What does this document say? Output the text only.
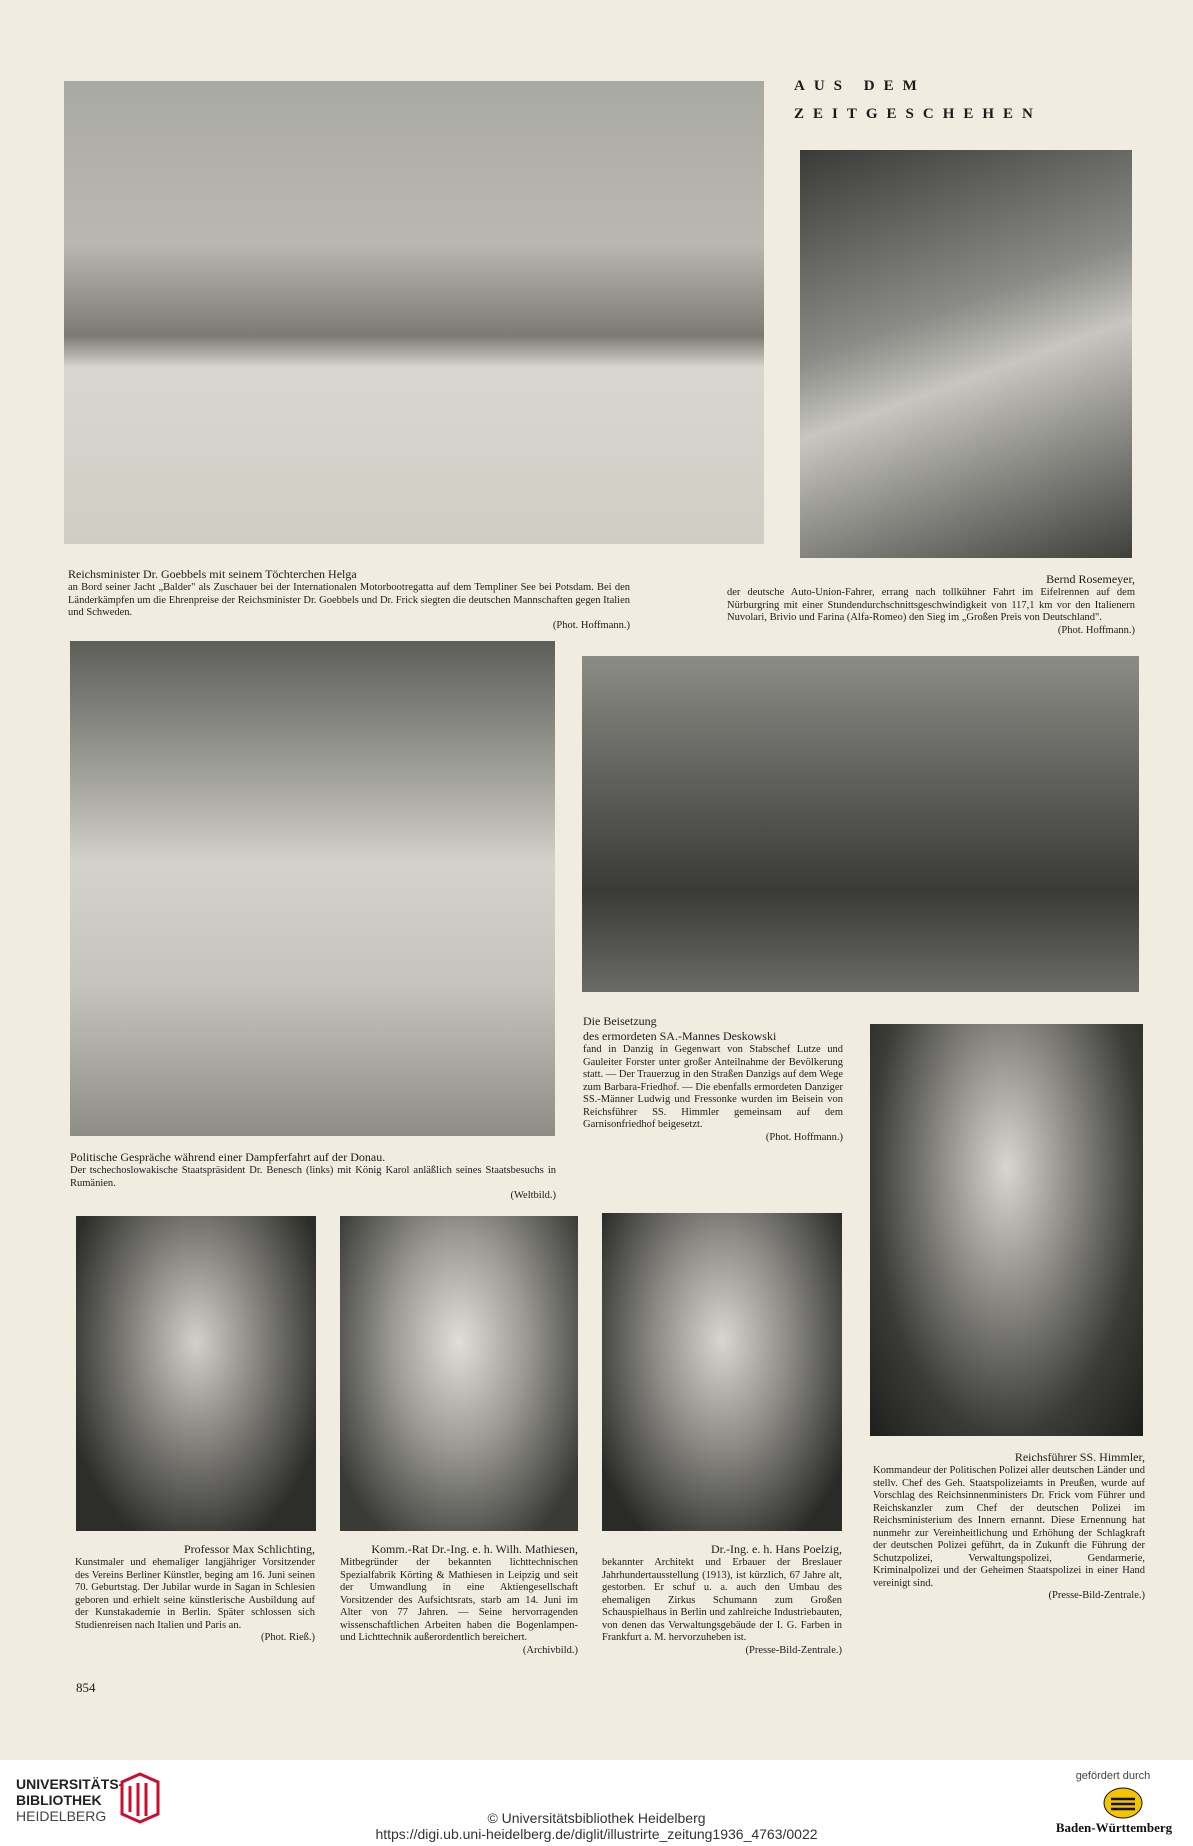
AUS DEM
ZEITGESCHEHEN
Reichsminister Dr. Goebbels mit seinem Töchterchen Helga
an Bord seiner Jacht „Balder" als Zuschauer bei der Internationalen Motorbootregatta auf dem Templiner See bei Potsdam. Bei den Länderkämpfen um die Ehrenpreise der Reichsminister Dr. Goebbels und Dr. Frick siegten die deutschen Mannschaften gegen Italien und Schweden.
(Phot. Hoffmann.)
Bernd Rosemeyer,
der deutsche Auto-Union-Fahrer, errang nach tollkühner Fahrt im Eifelrennen auf dem Nürburgring mit einer Stundendurchschnittsgeschwindigkeit von 117,1 km vor den Italienern Nuvolari, Brivio und Farina (Alfa-Romeo) den Sieg im „Großen Preis von Deutschland".
(Phot. Hoffmann.)
Politische Gespräche während einer Dampferfahrt auf der Donau.
Der tschechoslowakische Staatspräsident Dr. Benesch (links) mit König Karol anläßlich seines Staatsbesuchs in Rumänien.
(Weltbild.)
Die Beisetzung
des ermordeten SA.-Mannes Deskowski
fand in Danzig in Gegenwart von Stabschef Lutze und Gauleiter Forster unter großer Anteilnahme der Bevölkerung statt. — Der Trauerzug in den Straßen Danzigs auf dem Wege zum Barbara-Friedhof. — Die ebenfalls ermordeten Danziger SS.-Männer Ludwig und Fressonke wurden im Beisein von Reichsführer SS. Himmler gemeinsam auf dem Garnisonfriedhof beigesetzt.
(Phot. Hoffmann.)
Reichsführer SS. Himmler,
Kommandeur der Politischen Polizei aller deutschen Länder und stellv. Chef des Geh. Staatspolizeiamts in Preußen, wurde auf Vorschlag des Reichsinnenministers Dr. Frick vom Führer und Reichskanzler zum Chef der deutschen Polizei im Reichsministerium des Innern ernannt. Diese Ernennung hat nunmehr zur Vereinheitlichung und Erhöhung der Schlagkraft der deutschen Polizei geführt, da in Zukunft die Führung der Schutzpolizei, Verwaltungspolizei, Gendarmerie, Kriminalpolizei und der Geheimen Staatspolizei in einer Hand vereinigt sind.
(Presse-Bild-Zentrale.)
Professor Max Schlichting,
Kunstmaler und ehemaliger langjähriger Vorsitzender des Vereins Berliner Künstler, beging am 16. Juni seinen 70. Geburtstag. Der Jubilar wurde in Sagan in Schlesien geboren und erhielt seine künstlerische Ausbildung auf der Kunstakademie in Berlin. Später schlossen sich Studienreisen nach Italien und Paris an.
(Phot. Rieß.)
Komm.-Rat Dr.-Ing. e. h. Wilh. Mathiesen,
Mitbegründer der bekannten lichttechnischen Spezialfabrik Körting & Mathiesen in Leipzig und seit der Umwandlung in eine Aktiengesellschaft Vorsitzender des Aufsichtsrats, starb am 14. Juni im Alter von 77 Jahren. — Seine hervorragenden wissenschaftlichen Arbeiten haben die Bogenlampen- und Lichttechnik außerordentlich bereichert.
(Archivbild.)
Dr.-Ing. e. h. Hans Poelzig,
bekannter Architekt und Erbauer der Breslauer Jahrhundertausstellung (1913), ist kürzlich, 67 Jahre alt, gestorben. Er schuf u. a. auch den Umbau des ehemaligen Zirkus Schumann zum Großen Schauspielhaus in Berlin und zahlreiche Industriebauten, von denen das Verwaltungsgebäude der I. G. Farben in Frankfurt a. M. hervorzuheben ist.
(Presse-Bild-Zentrale.)
854
UNIVERSITÄTS-
BIBLIOTHEK
HEIDELBERG	© Universitätsbibliothek Heidelberg
https://digi.ub.uni-heidelberg.de/diglit/illustrirte_zeitung1936_4763/0022
gefördert durch
Baden-Württemberg
